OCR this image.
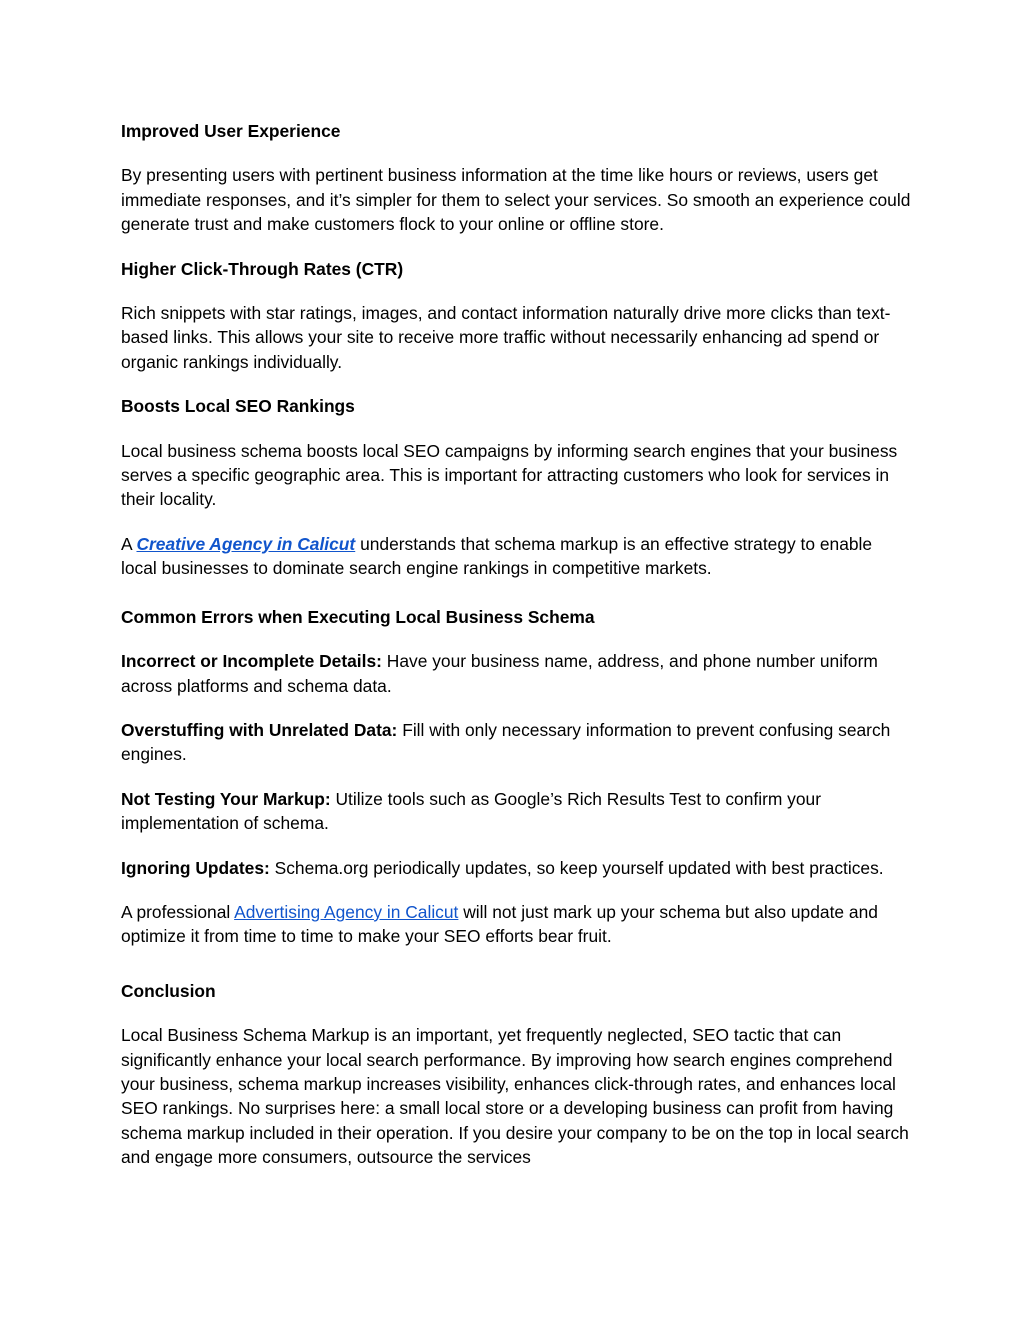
Improved User Experience

By presenting users with pertinent business information at the time like hours or reviews, users get immediate responses, and it’s simpler for them to select your services. So smooth an experience could generate trust and make customers flock to your online or offline store.

Higher Click-Through Rates (CTR)

Rich snippets with star ratings, images, and contact information naturally drive more clicks than text-based links. This allows your site to receive more traffic without necessarily enhancing ad spend or organic rankings individually.

Boosts Local SEO Rankings

Local business schema boosts local SEO campaigns by informing search engines that your business serves a specific geographic area. This is important for attracting customers who look for services in their locality.

A Creative Agency in Calicut understands that schema markup is an effective strategy to enable local businesses to dominate search engine rankings in competitive markets.

Common Errors when Executing Local Business Schema

Incorrect or Incomplete Details: Have your business name, address, and phone number uniform across platforms and schema data.

Overstuffing with Unrelated Data: Fill with only necessary information to prevent confusing search engines.

Not Testing Your Markup: Utilize tools such as Google’s Rich Results Test to confirm your implementation of schema.

Ignoring Updates: Schema.org periodically updates, so keep yourself updated with best practices.

A professional Advertising Agency in Calicut will not just mark up your schema but also update and optimize it from time to time to make your SEO efforts bear fruit.

Conclusion

Local Business Schema Markup is an important, yet frequently neglected, SEO tactic that can significantly enhance your local search performance. By improving how search engines comprehend your business, schema markup increases visibility, enhances click-through rates, and enhances local SEO rankings. No surprises here: a small local store or a developing business can profit from having schema markup included in their operation. If you desire your company to be on the top in local search and engage more consumers, outsource the services
